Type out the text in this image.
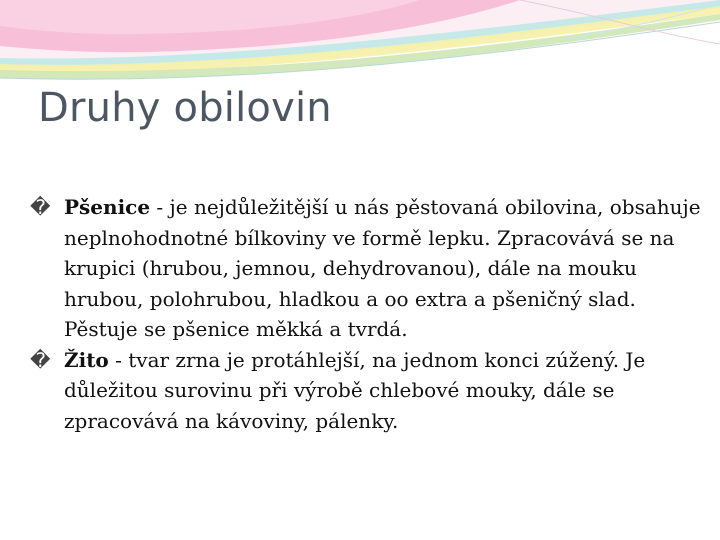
Druhy obilovin

� Pšenice - je nejdůležitější u nás pěstovaná obilovina, obsahuje neplnohodnotné bílkoviny ve formě lepku. Zpracovává se na krupici (hrubou, jemnou, dehydrovanou), dále na mouku hrubou, polohrubou, hladkou a oo extra a pšeničný slad. Pěstuje se pšenice měkká a tvrdá.

� Žito - tvar zrna je protáhlejší, na jednom konci zúžený. Je důležitou surovinu při výrobě chlebové mouky, dále se zpracovává na kávoviny, pálenky.
